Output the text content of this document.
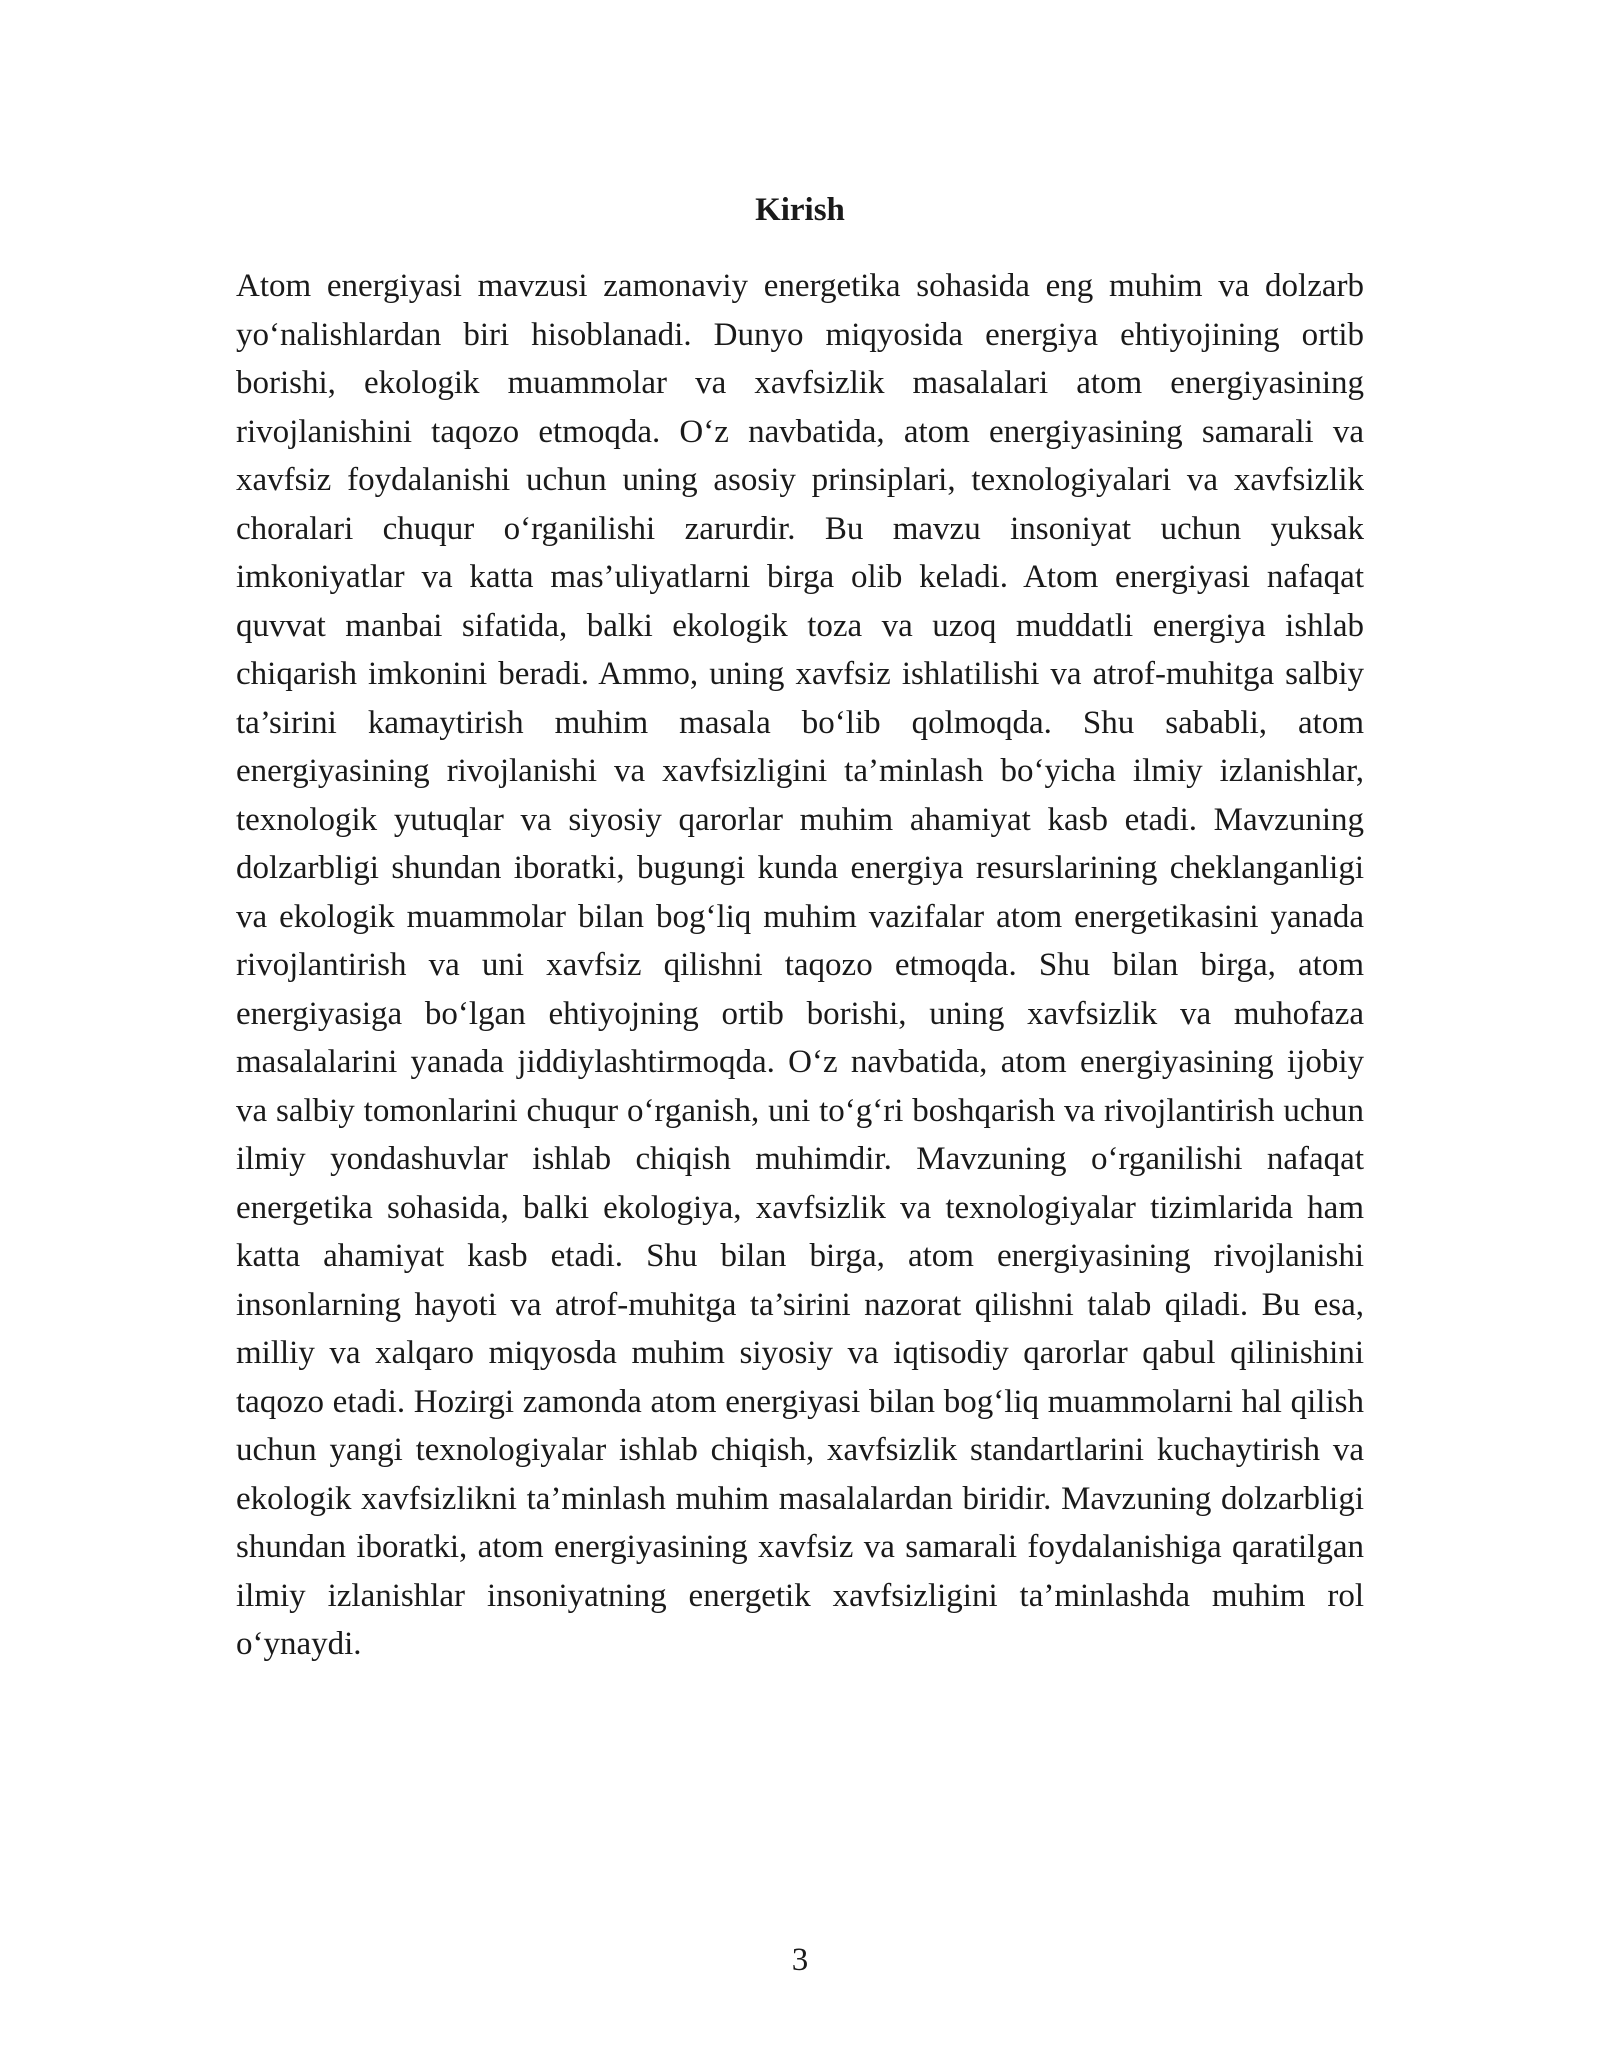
Kirish

Atom energiyasi mavzusi zamonaviy energetika sohasida eng muhim va dolzarb yo‘nalishlardan biri hisoblanadi. Dunyo miqyosida energiya ehtiyojining ortib borishi, ekologik muammolar va xavfsizlik masalalari atom energiyasining rivojlanishini taqozo etmoqda. O‘z navbatida, atom energiyasining samarali va xavfsiz foydalanishi uchun uning asosiy prinsiplari, texnologiyalari va xavfsizlik choralari chuqur o‘rganilishi zarurdir. Bu mavzu insoniyat uchun yuksak imkoniyatlar va katta mas’uliyatlarni birga olib keladi. Atom energiyasi nafaqat quvvat manbai sifatida, balki ekologik toza va uzoq muddatli energiya ishlab chiqarish imkonini beradi. Ammo, uning xavfsiz ishlatilishi va atrof-muhitga salbiy ta’sirini kamaytirish muhim masala bo‘lib qolmoqda. Shu sababli, atom energiyasining rivojlanishi va xavfsizligini ta’minlash bo‘yicha ilmiy izlanishlar, texnologik yutuqlar va siyosiy qarorlar muhim ahamiyat kasb etadi. Mavzuning dolzarbligi shundan iboratki, bugungi kunda energiya resurslarining cheklanganligi va ekologik muammolar bilan bog‘liq muhim vazifalar atom energetikasini yanada rivojlantirish va uni xavfsiz qilishni taqozo etmoqda. Shu bilan birga, atom energiyasiga bo‘lgan ehtiyojning ortib borishi, uning xavfsizlik va muhofaza masalalarini yanada jiddiylashtirmoqda. O‘z navbatida, atom energiyasining ijobiy va salbiy tomonlarini chuqur o‘rganish, uni to‘g‘ri boshqarish va rivojlantirish uchun ilmiy yondashuvlar ishlab chiqish muhimdir. Mavzuning o‘rganilishi nafaqat energetika sohasida, balki ekologiya, xavfsizlik va texnologiyalar tizimlarida ham katta ahamiyat kasb etadi. Shu bilan birga, atom energiyasining rivojlanishi insonlarning hayoti va atrof-muhitga ta’sirini nazorat qilishni talab qiladi. Bu esa, milliy va xalqaro miqyosda muhim siyosiy va iqtisodiy qarorlar qabul qilinishini taqozo etadi. Hozirgi zamonda atom energiyasi bilan bog‘liq muammolarni hal qilish uchun yangi texnologiyalar ishlab chiqish, xavfsizlik standartlarini kuchaytirish va ekologik xavfsizlikni ta’minlash muhim masalalardan biridir. Mavzuning dolzarbligi shundan iboratki, atom energiyasining xavfsiz va samarali foydalanishiga qaratilgan ilmiy izlanishlar insoniyatning energetik xavfsizligini ta’minlashda muhim rol o‘ynaydi.

3
